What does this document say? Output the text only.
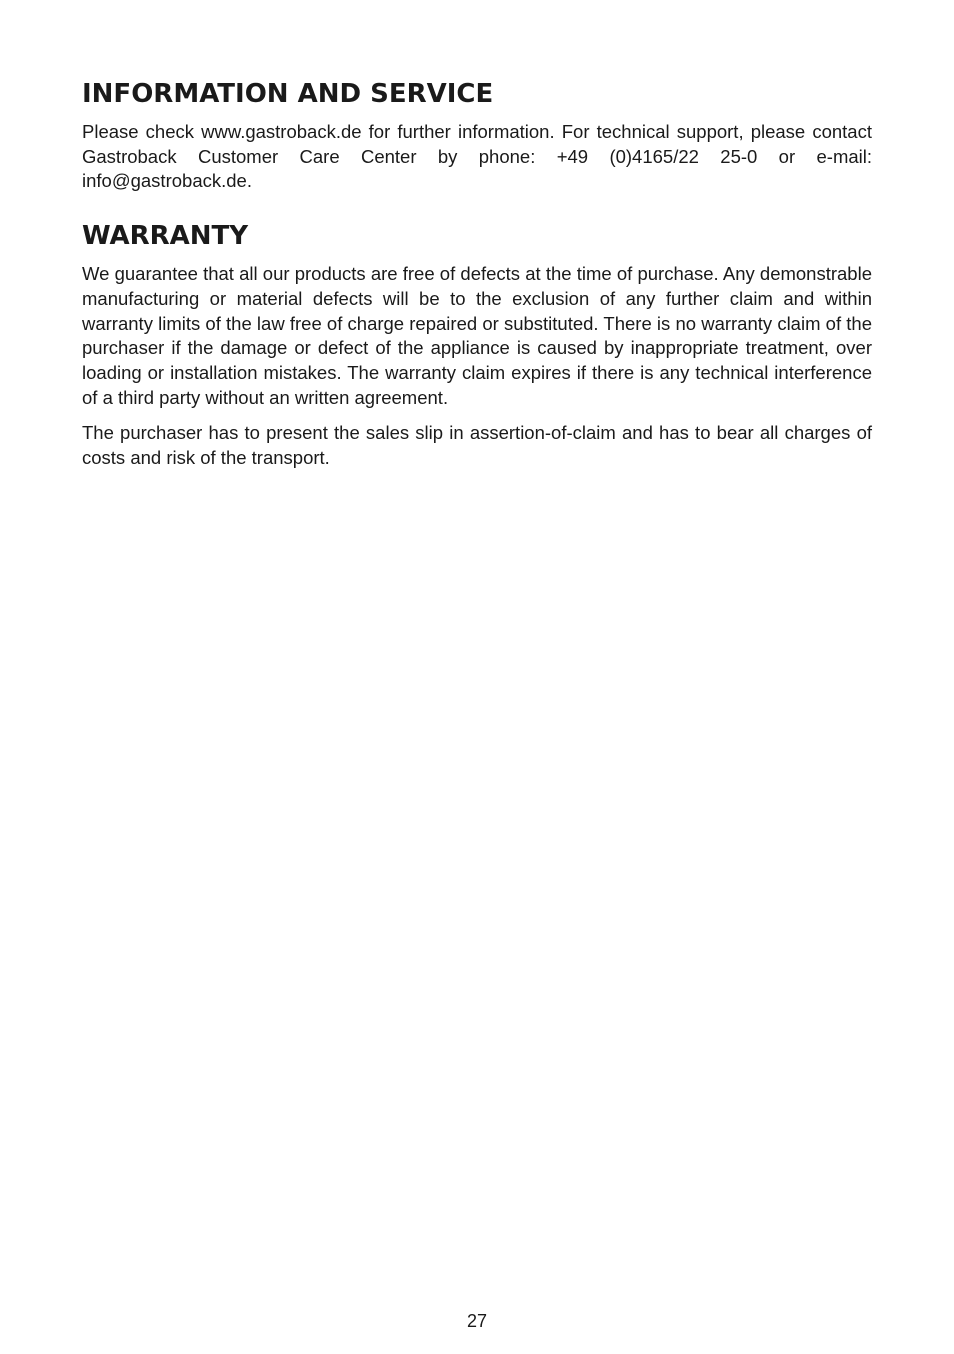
INFORMATION AND SERVICE

Please check www.gastroback.de for further information. For technical support, please contact Gastroback Customer Care Center by phone: +49 (0)4165/22 25-0 or e-mail: info@gastroback.de.

WARRANTY

We guarantee that all our products are free of defects at the time of purchase. Any demonstrable manufacturing or material defects will be to the exclusion of any further claim and within warranty limits of the law free of charge repaired or substituted. There is no warranty claim of the purchaser if the damage or defect of the appliance is caused by inappropriate treatment, over loading or installation mistakes. The warranty claim expires if there is any technical interference of a third party without an written agreement.

The purchaser has to present the sales slip in assertion-of-claim and has to bear all charges of costs and risk of the transport.

27
